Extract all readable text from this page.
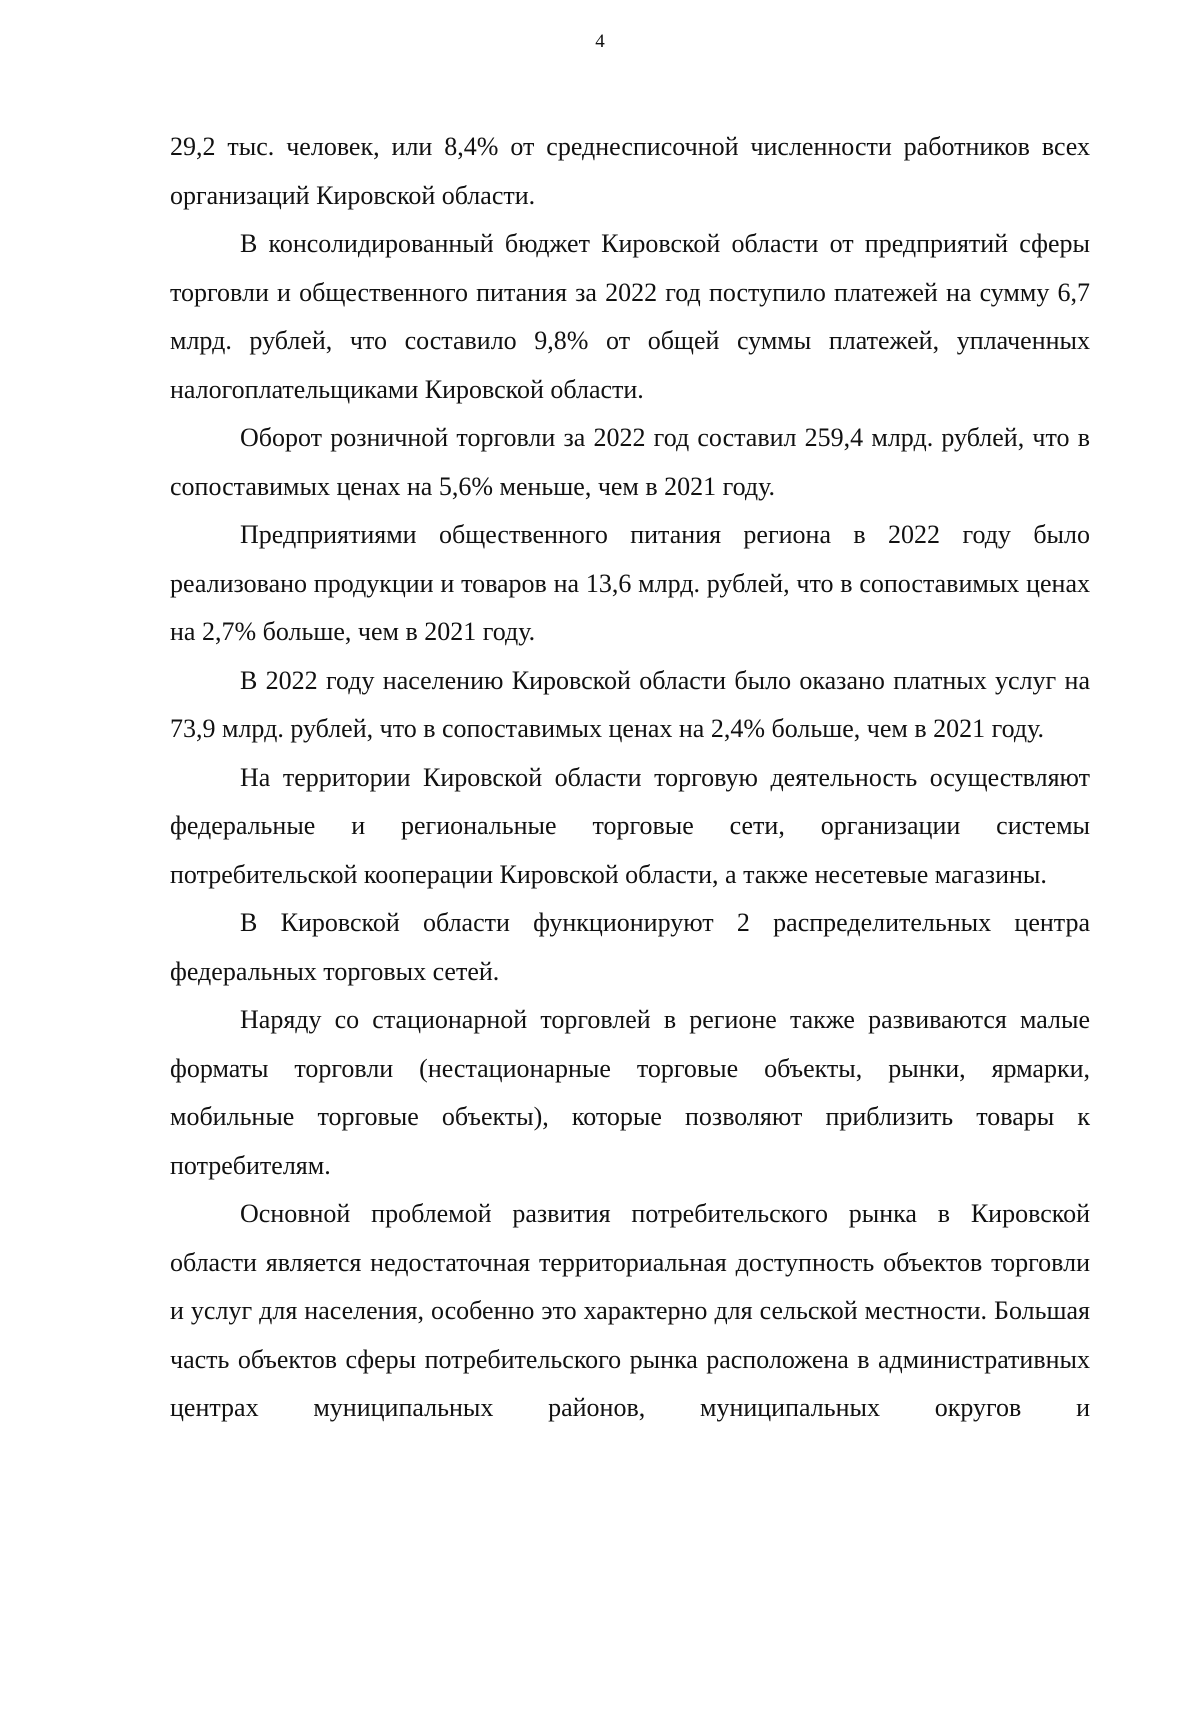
4

29,2 тыс. человек, или 8,4% от среднесписочной численности работников всех организаций Кировской области.

В консолидированный бюджет Кировской области от предприятий сферы торговли и общественного питания за 2022 год поступило платежей на сумму 6,7 млрд. рублей, что составило 9,8% от общей суммы платежей, уплаченных налогоплательщиками Кировской области.

Оборот розничной торговли за 2022 год составил 259,4 млрд. рублей, что в сопоставимых ценах на 5,6% меньше, чем в 2021 году.

Предприятиями общественного питания региона в 2022 году было реализовано продукции и товаров на 13,6 млрд. рублей, что в сопоставимых ценах на 2,7% больше, чем в 2021 году.

В 2022 году населению Кировской области было оказано платных услуг на 73,9 млрд. рублей, что в сопоставимых ценах на 2,4% больше, чем в 2021 году.

На территории Кировской области торговую деятельность осуществляют федеральные и региональные торговые сети, организации системы потребительской кооперации Кировской области, а также несетевые магазины.

В Кировской области функционируют 2 распределительных центра федеральных торговых сетей.

Наряду со стационарной торговлей в регионе также развиваются малые форматы торговли (нестационарные торговые объекты, рынки, ярмарки, мобильные торговые объекты), которые позволяют приблизить товары к потребителям.

Основной проблемой развития потребительского рынка в Кировской области является недостаточная территориальная доступность объектов торговли и услуг для населения, особенно это характерно для сельской местности. Большая часть объектов сферы потребительского рынка расположена в административных центрах муниципальных районов, муниципальных округов и
